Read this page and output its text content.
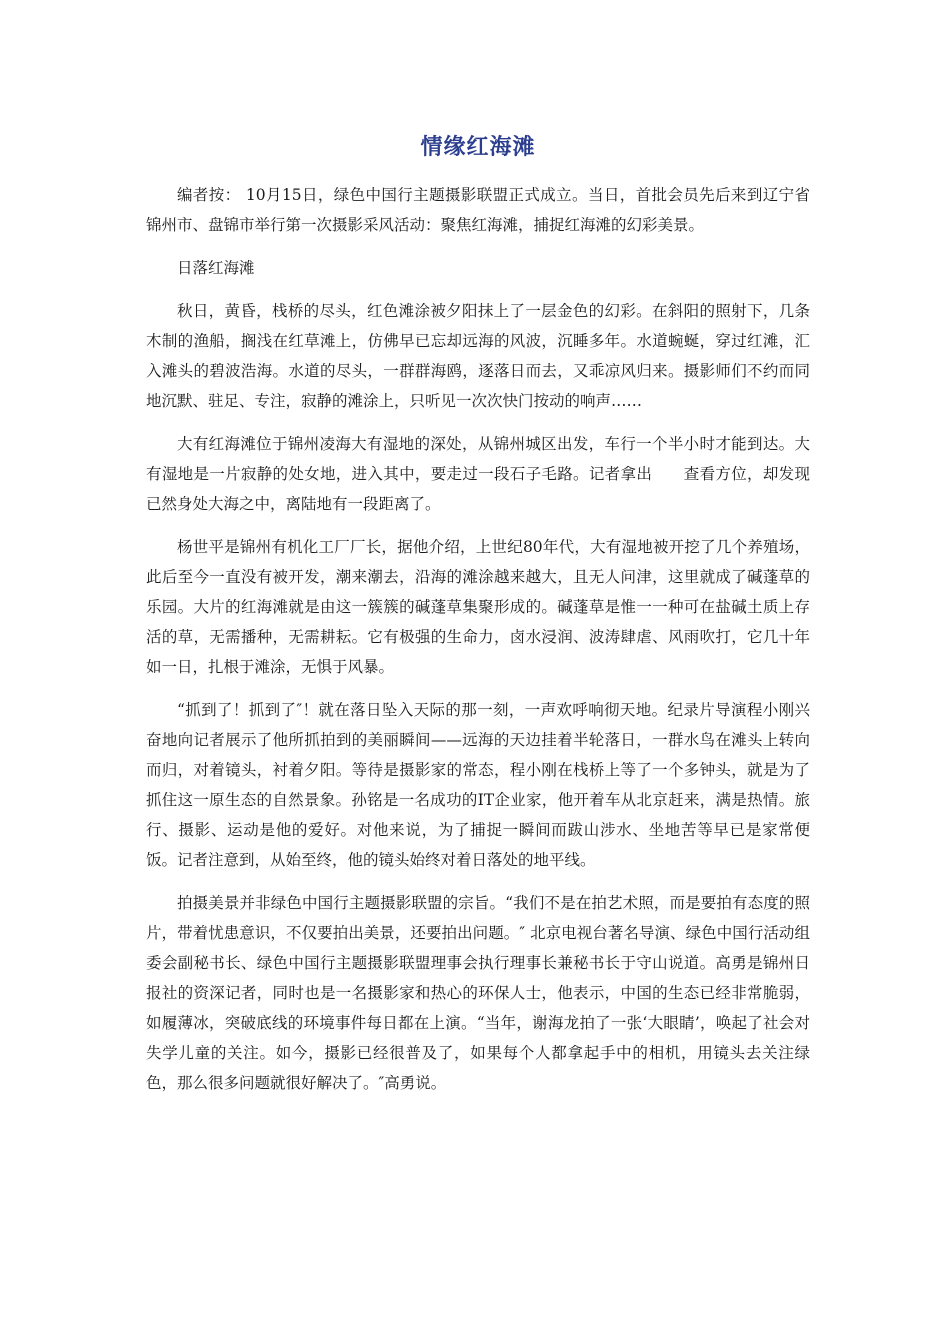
情缘红海滩

编者按： 10月15日，绿色中国行主题摄影联盟正式成立。当日，首批会员先后来到辽宁省锦州市、盘锦市举行第一次摄影采风活动：聚焦红海滩，捕捉红海滩的幻彩美景。

日落红海滩

秋日，黄昏，栈桥的尽头，红色滩涂被夕阳抹上了一层金色的幻彩。在斜阳的照射下，几条木制的渔船，搁浅在红草滩上，仿佛早已忘却远海的风波，沉睡多年。水道蜿蜒，穿过红滩，汇入滩头的碧波浩海。水道的尽头，一群群海鸥，逐落日而去，又乖凉风归来。摄影师们不约而同地沉默、驻足、专注，寂静的滩涂上，只听见一次次快门按动的响声……

大有红海滩位于锦州凌海大有湿地的深处，从锦州城区出发，车行一个半小时才能到达。大有湿地是一片寂静的处女地，进入其中，要走过一段石子毛路。记者拿出　　查看方位，却发现已然身处大海之中，离陆地有一段距离了。

杨世平是锦州有机化工厂厂长，据他介绍，上世纪80年代，大有湿地被开挖了几个养殖场，此后至今一直没有被开发，潮来潮去，沿海的滩涂越来越大，且无人问津，这里就成了碱蓬草的乐园。大片的红海滩就是由这一簇簇的碱蓬草集聚形成的。碱蓬草是惟一一种可在盐碱土质上存活的草，无需播种，无需耕耘。它有极强的生命力，卤水浸润、波涛肆虐、风雨吹打，它几十年如一日，扎根于滩涂，无惧于风暴。

“抓到了！抓到了″！就在落日坠入天际的那一刻，一声欢呼响彻天地。纪录片导演程小刚兴奋地向记者展示了他所抓拍到的美丽瞬间——远海的天边挂着半轮落日，一群水鸟在滩头上转向而归，对着镜头，衬着夕阳。等待是摄影家的常态，程小刚在栈桥上等了一个多钟头，就是为了抓住这一原生态的自然景象。孙铭是一名成功的IT企业家，他开着车从北京赶来，满是热情。旅行、摄影、运动是他的爱好。对他来说，为了捕捉一瞬间而跋山涉水、坐地苦等早已是家常便饭。记者注意到，从始至终，他的镜头始终对着日落处的地平线。

拍摄美景并非绿色中国行主题摄影联盟的宗旨。“我们不是在拍艺术照，而是要拍有态度的照片，带着忧患意识，不仅要拍出美景，还要拍出问题。″ 北京电视台著名导演、绿色中国行活动组委会副秘书长、绿色中国行主题摄影联盟理事会执行理事长兼秘书长于守山说道。高勇是锦州日报社的资深记者，同时也是一名摄影家和热心的环保人士，他表示，中国的生态已经非常脆弱，如履薄冰，突破底线的环境事件每日都在上演。“当年，谢海龙拍了一张‘大眼睛’，唤起了社会对失学儿童的关注。如今，摄影已经很普及了，如果每个人都拿起手中的相机，用镜头去关注绿色，那么很多问题就很好解决了。″高勇说。
